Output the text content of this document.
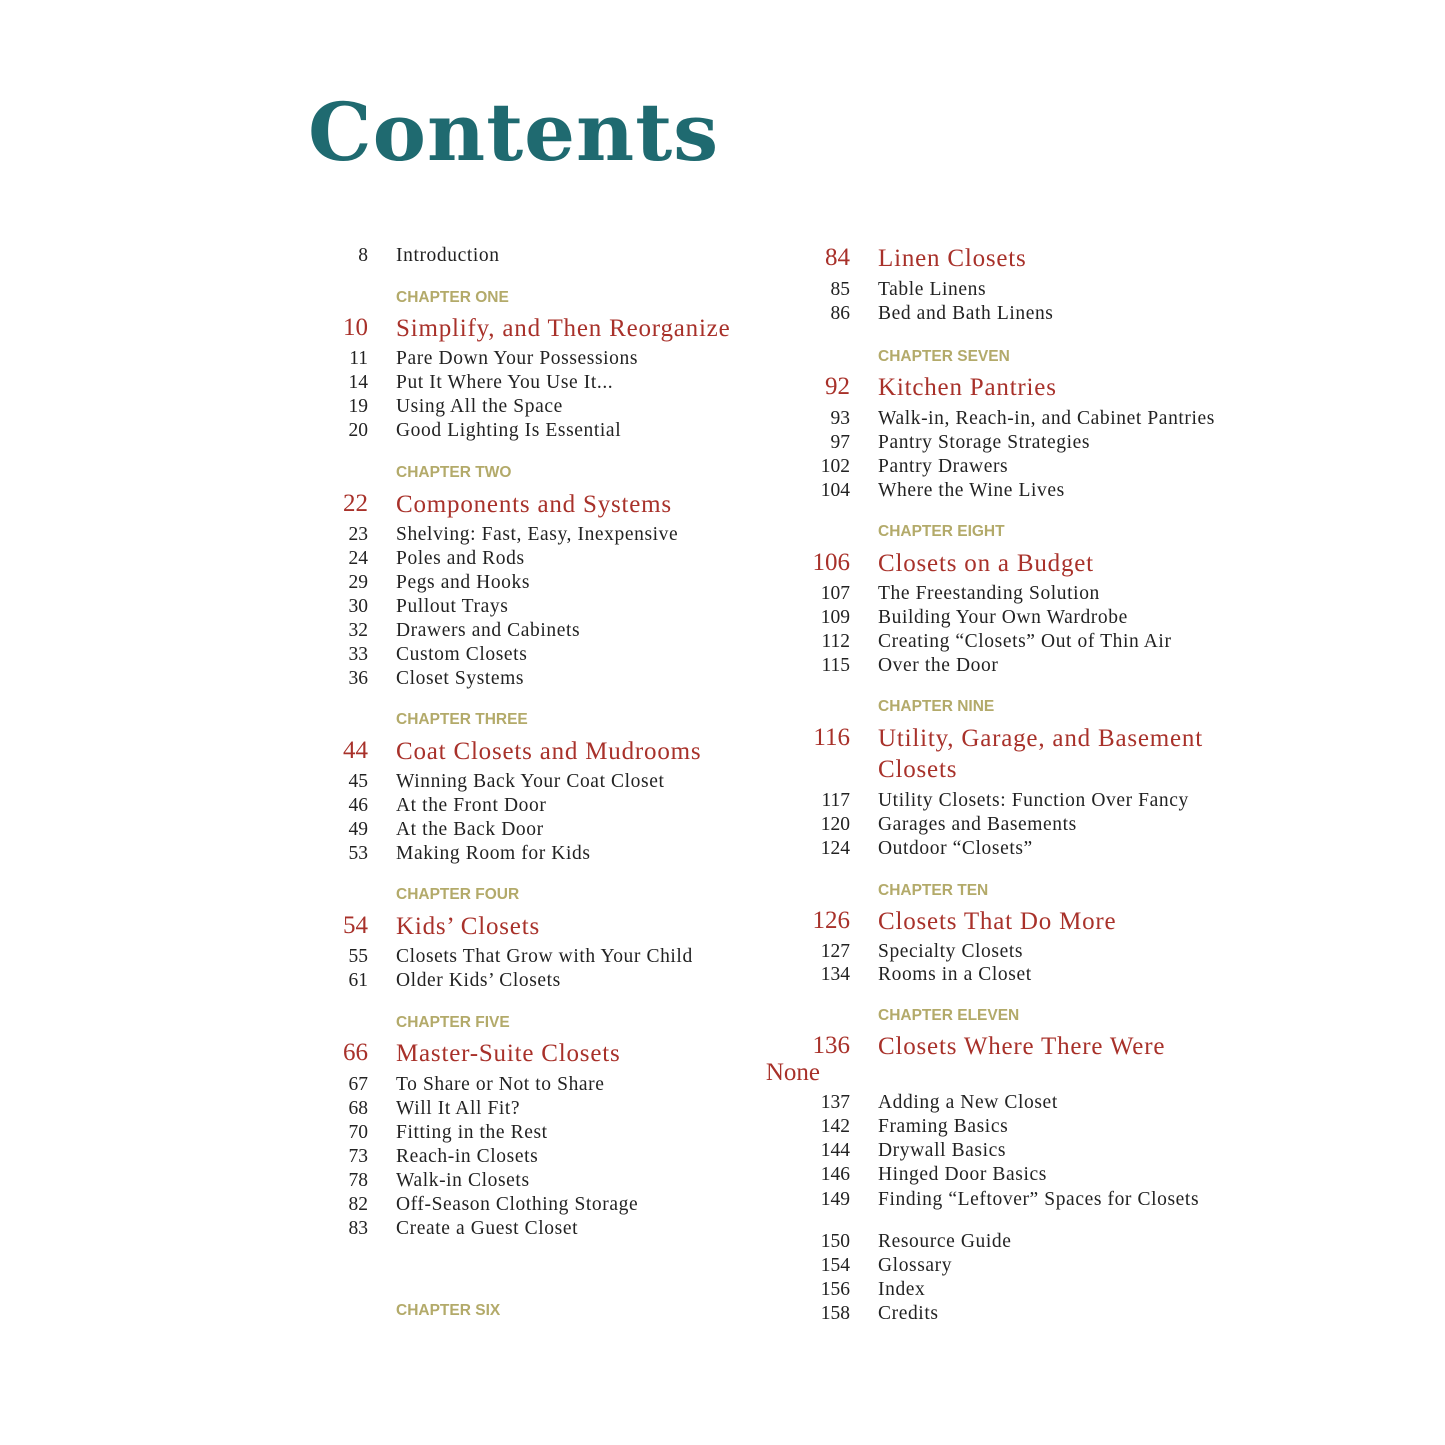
Contents
8 Introduction
CHAPTER ONE
10 Simplify, and Then Reorganize
11 Pare Down Your Possessions
14 Put It Where You Use It...
19 Using All the Space
20 Good Lighting Is Essential
CHAPTER TWO
22 Components and Systems
23 Shelving: Fast, Easy, Inexpensive
24 Poles and Rods
29 Pegs and Hooks
30 Pullout Trays
32 Drawers and Cabinets
33 Custom Closets
36 Closet Systems
CHAPTER THREE
44 Coat Closets and Mudrooms
45 Winning Back Your Coat Closet
46 At the Front Door
49 At the Back Door
53 Making Room for Kids
CHAPTER FOUR
54 Kids’ Closets
55 Closets That Grow with Your Child
61 Older Kids’ Closets
CHAPTER FIVE
66 Master-Suite Closets
67 To Share or Not to Share
68 Will It All Fit?
70 Fitting in the Rest
73 Reach-in Closets
78 Walk-in Closets
82 Off-Season Clothing Storage
83 Create a Guest Closet
CHAPTER SIX
84 Linen Closets
85 Table Linens
86 Bed and Bath Linens
CHAPTER SEVEN
92 Kitchen Pantries
93 Walk-in, Reach-in, and Cabinet Pantries
97 Pantry Storage Strategies
102 Pantry Drawers
104 Where the Wine Lives
CHAPTER EIGHT
106 Closets on a Budget
107 The Freestanding Solution
109 Building Your Own Wardrobe
112 Creating “Closets” Out of Thin Air
115 Over the Door
CHAPTER NINE
116 Utility, Garage, and Basement
Closets
117 Utility Closets: Function Over Fancy
120 Garages and Basements
124 Outdoor “Closets”
CHAPTER TEN
126 Closets That Do More
127 Specialty Closets
134 Rooms in a Closet
CHAPTER ELEVEN
136 Closets Where There Were
None
137 Adding a New Closet
142 Framing Basics
144 Drywall Basics
146 Hinged Door Basics
149 Finding “Leftover” Spaces for Closets
150 Resource Guide
154 Glossary
156 Index
158 Credits
